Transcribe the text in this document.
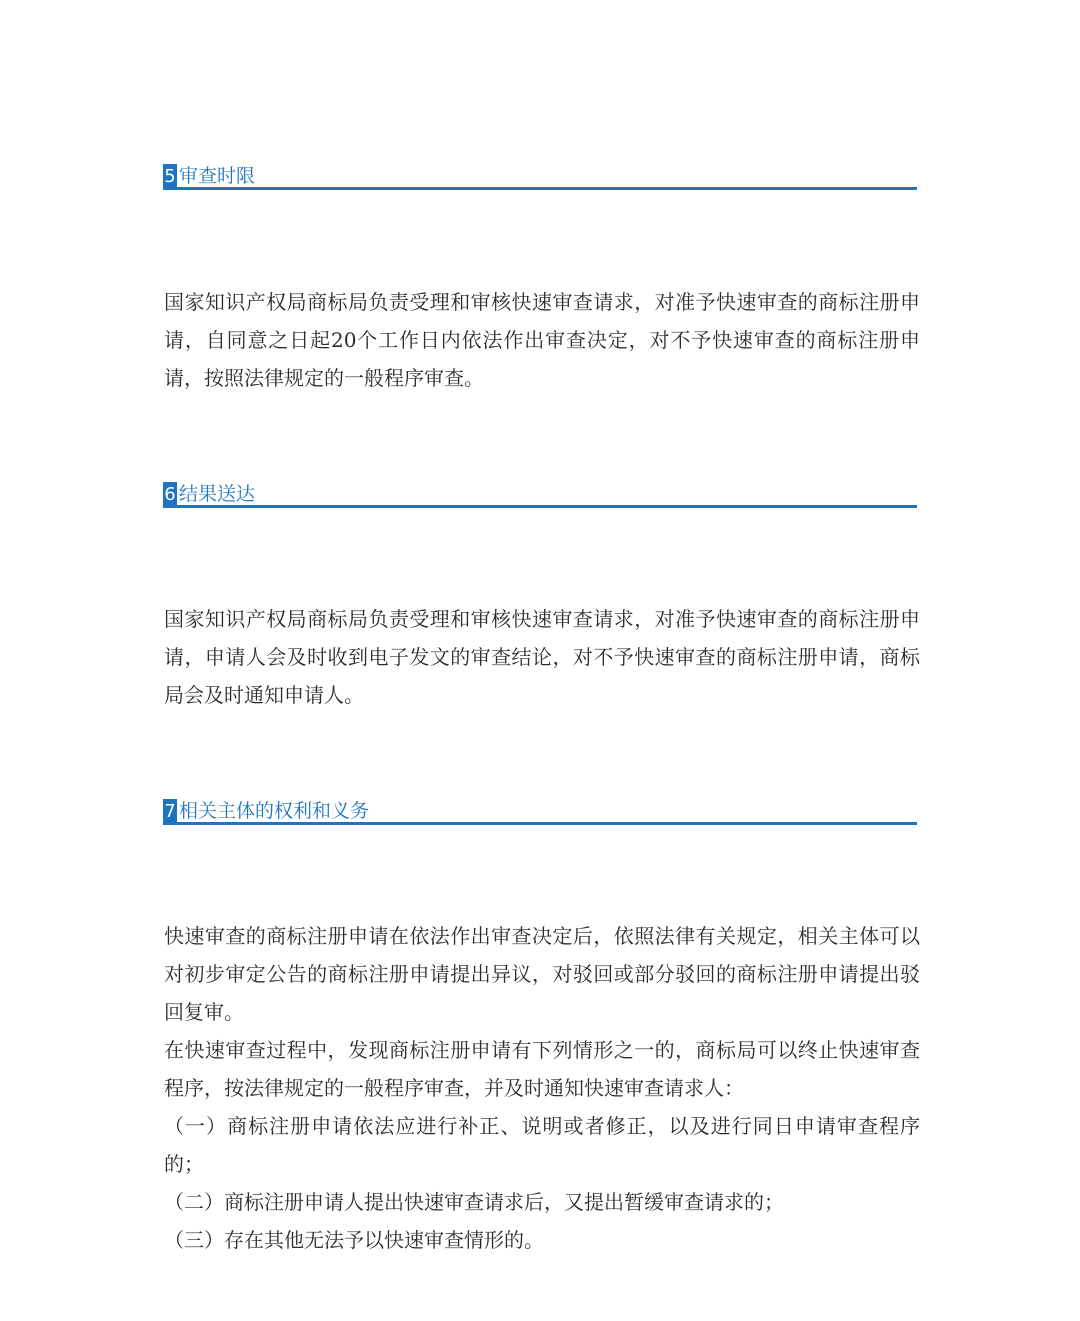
5 审查时限

国家知识产权局商标局负责受理和审核快速审查请求，对准予快速审查的商标注册申请，自同意之日起20个工作日内依法作出审查决定，对不予快速审查的商标注册申请，按照法律规定的一般程序审查。

6 结果送达

国家知识产权局商标局负责受理和审核快速审查请求，对准予快速审查的商标注册申请，申请人会及时收到电子发文的审查结论，对不予快速审查的商标注册申请，商标局会及时通知申请人。

7 相关主体的权利和义务

快速审查的商标注册申请在依法作出审查决定后，依照法律有关规定，相关主体可以对初步审定公告的商标注册申请提出异议，对驳回或部分驳回的商标注册申请提出驳回复审。

在快速审查过程中，发现商标注册申请有下列情形之一的，商标局可以终止快速审查程序，按法律规定的一般程序审查，并及时通知快速审查请求人：

（一）商标注册申请依法应进行补正、说明或者修正，以及进行同日申请审查程序的；

（二）商标注册申请人提出快速审查请求后，又提出暂缓审查请求的；

（三）存在其他无法予以快速审查情形的。
